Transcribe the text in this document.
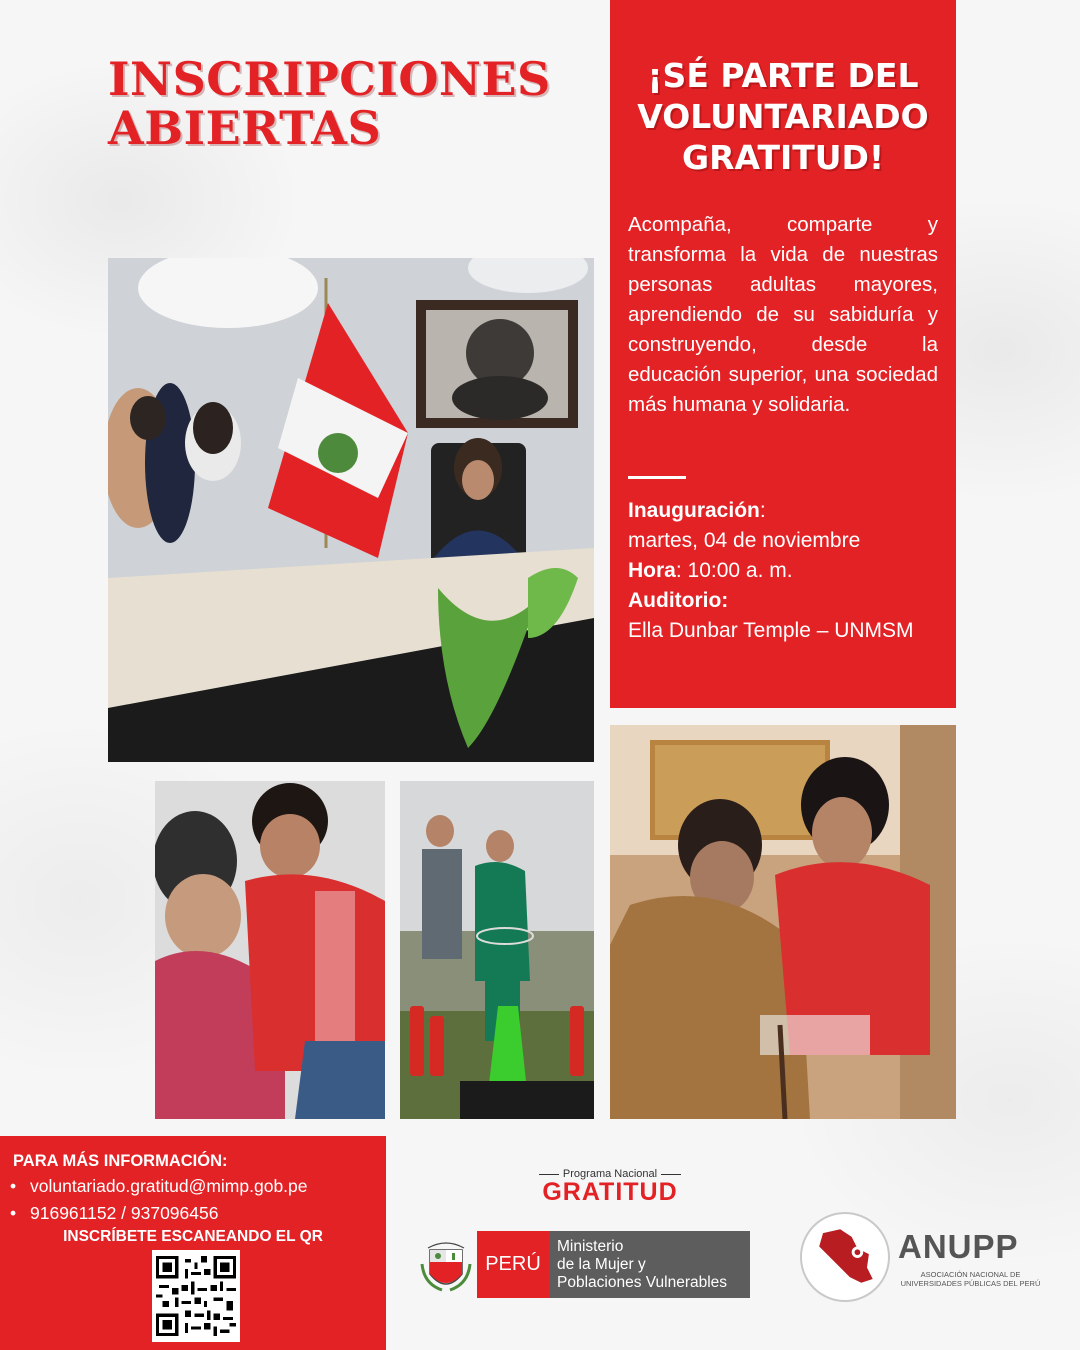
INSCRIPCIONES
ABIERTAS
¡SÉ PARTE DEL
VOLUNTARIADO
GRATITUD!
Acompaña, comparte y transforma la vida de nuestras personas adultas mayores, aprendiendo de su sabiduría y construyendo, desde la educación superior, una sociedad más humana y solidaria.
Inauguración:
martes, 04 de noviembre
Hora: 10:00 a. m.
Auditorio:
Ella Dunbar Temple – UNMSM
PARA MÁS INFORMACIÓN:
• voluntariado.gratitud@mimp.gob.pe
• 916961152 / 937096456
INSCRÍBETE ESCANEANDO EL QR
Programa Nacional
GRATITUD
PERÚ
Ministerio
de la Mujer y
Poblaciones Vulnerables
ANUPP
ASOCIACIÓN NACIONAL DE
UNIVERSIDADES PÚBLICAS DEL PERÚ
